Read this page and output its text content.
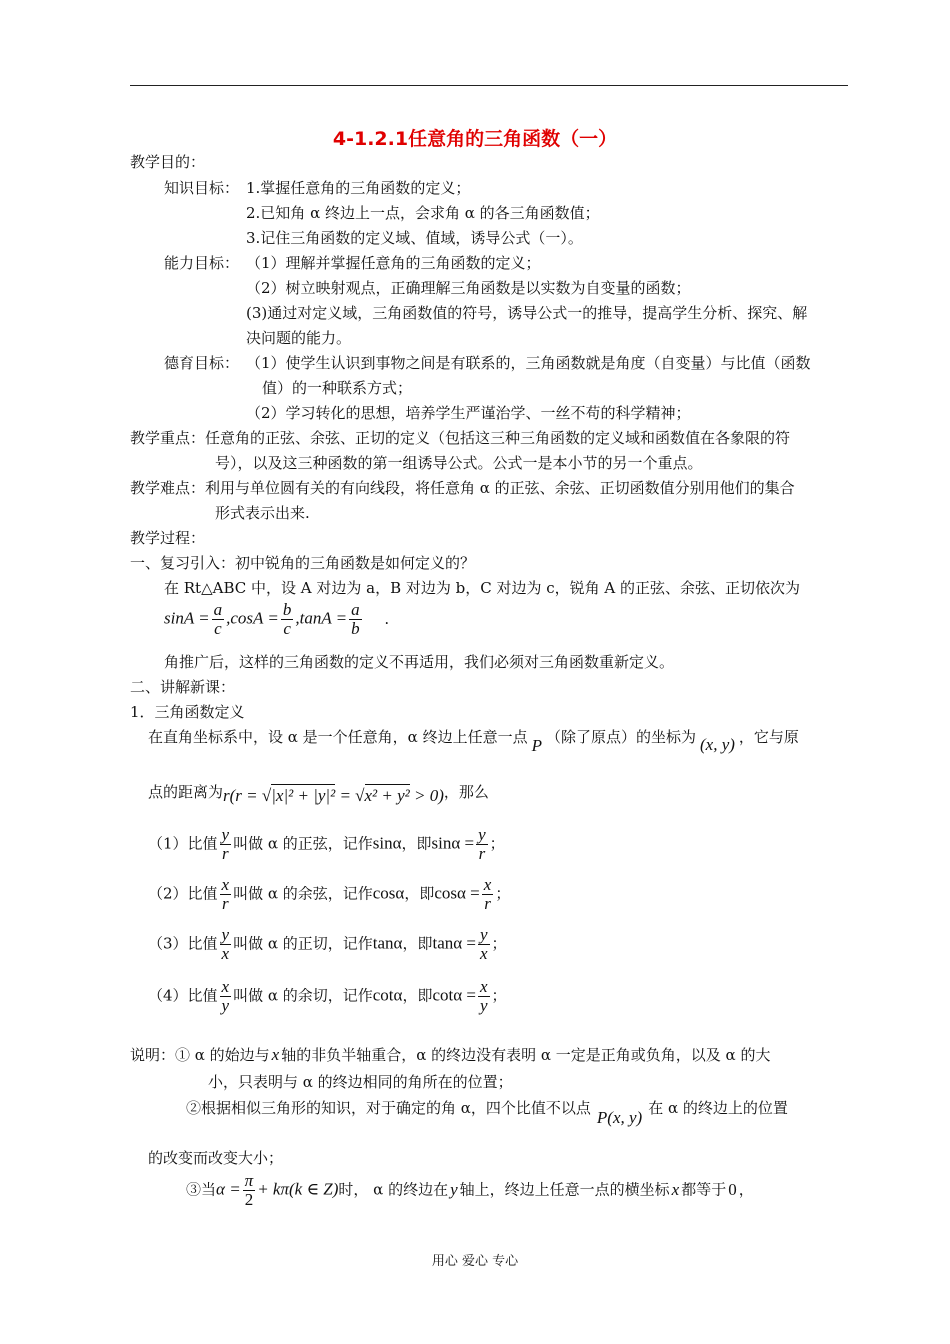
4-1.2.1任意角的三角函数（一）
教学目的：
知识目标： 1.掌握任意角的三角函数的定义；
2.已知角 α 终边上一点，会求角 α 的各三角函数值；
3.记住三角函数的定义域、值域，诱导公式（一）。
能力目标： （1）理解并掌握任意角的三角函数的定义；
（2）树立映射观点，正确理解三角函数是以实数为自变量的函数；
(3)通过对定义域，三角函数值的符号，诱导公式一的推导，提高学生分析、探究、解
决问题的能力。
德育目标： （1）使学生认识到事物之间是有联系的，三角函数就是角度（自变量）与比值（函数
值）的一种联系方式；
（2）学习转化的思想，培养学生严谨治学、一丝不苟的科学精神；
教学重点：任意角的正弦、余弦、正切的定义（包括这三种三角函数的定义域和函数值在各象限的符
号），以及这三种函数的第一组诱导公式。公式一是本小节的另一个重点。
教学难点：利用与单位圆有关的有向线段，将任意角 α 的正弦、余弦、正切函数值分别用他们的集合
形式表示出来.
教学过程：
一、复习引入：初中锐角的三角函数是如何定义的？
在 Rt△ABC 中，设 A 对边为 a，B 对边为 b，C 对边为 c，锐角 A 的正弦、余弦、正切依次为
$\sin A = \frac{a}{c} ,\cos A = \frac{b}{c} ,\tan A = \frac{a}{b}$ .
角推广后，这样的三角函数的定义不再适用，我们必须对三角函数重新定义。
二、讲解新课：
1．三角函数定义
在直角坐标系中，设 α 是一个任意角，α 终边上任意一点 P （除了原点）的坐标为 (x, y) ，它与原
点的距离为r(r = √|x|² + |y|² = √x² + y² > 0)，那么
（1）比值 $\frac{y}{r}$ 叫做 α 的正弦，记作sinα，即$\sin\alpha = \frac{y}{r}$ ；
（2）比值 $\frac{x}{r}$ 叫做 α 的余弦，记作cosα，即$\cos\alpha = \frac{x}{r}$ ；
（3）比值 $\frac{y}{x}$ 叫做 α 的正切，记作tanα，即$\tan\alpha = \frac{y}{x}$ ；
（4）比值 $\frac{x}{y}$ 叫做 α 的余切，记作cotα，即$\cot\alpha = \frac{x}{y}$ ；
说明：① α 的始边与 x 轴的非负半轴重合，α 的终边没有表明 α 一定是正角或负角，以及 α 的大
小，只表明与 α 的终边相同的角所在的位置；
②根据相似三角形的知识，对于确定的角 α，四个比值不以点 P(x, y) 在 α 的终边上的位置
的改变而改变大小；
③当$\alpha = \frac{\pi}{2} + k\pi(k$ ∈ Z)时， α 的终边在 y 轴上，终边上任意一点的横坐标 x 都等于 0 ，
用心 爱心 专心
